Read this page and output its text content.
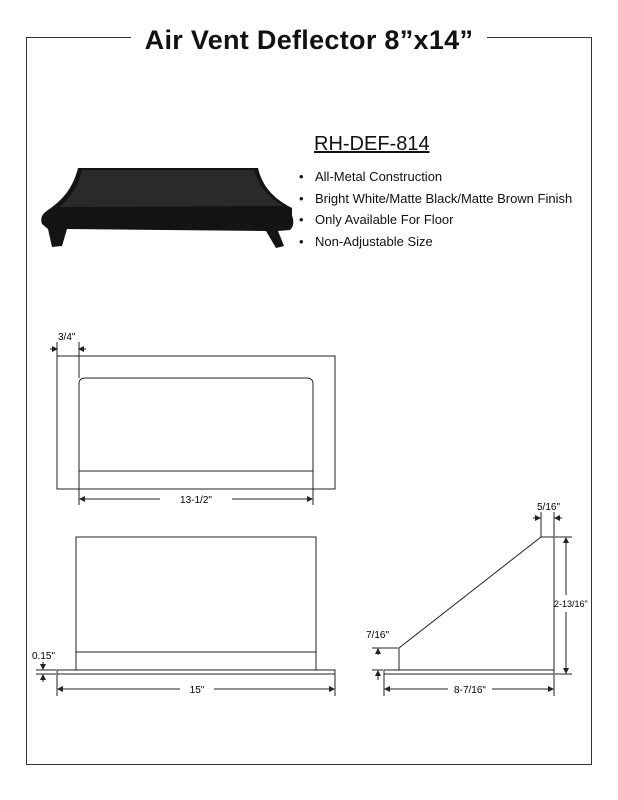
Air Vent Deflector 8”x14”
RH-DEF-814
• All-Metal Construction
• Bright White/Matte Black/Matte Brown Finish
• Only Available For Floor
• Non-Adjustable Size
3/4"
13-1/2"
0.15"
15"
5/16"
2-13/16"
7/16"
8-7/16"
